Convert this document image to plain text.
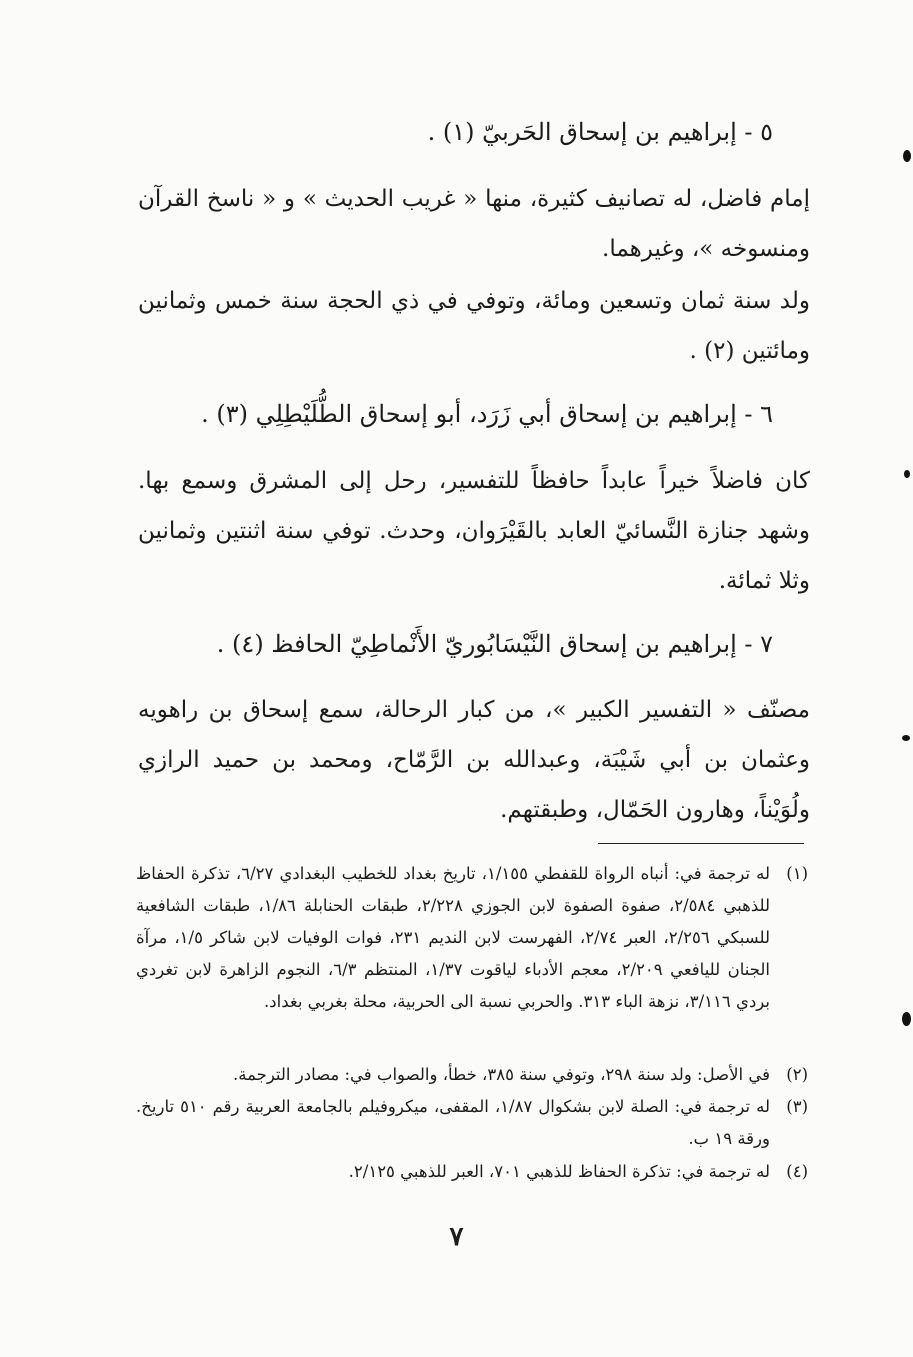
٥ - إبراهيم بن إسحاق الحَربيّ (١) .
إمام فاضل، له تصانيف كثيرة، منها « غريب الحديث » و « ناسخ القرآن ومنسوخه »، وغيرهما.
ولد سنة ثمان وتسعين ومائة، وتوفي في ذي الحجة سنة خمس وثمانين ومائتين (٢) .
٦ - إبراهيم بن إسحاق أبي زَرَد، أبو إسحاق الطُّلَيْطِلِي (٣) .
كان فاضلاً خيراً عابداً حافظاً للتفسير، رحل إلى المشرق وسمع بها. وشهد جنازة النَّسائيّ العابد بالقَيْرَوان، وحدث. توفي سنة اثنتين وثمانين وثلا ثمائة.
٧ - إبراهيم بن إسحاق النَّيْسَابُوريّ الأَنْماطِيّ الحافظ (٤) .
مصنّف « التفسير الكبير »، من كبار الرحالة، سمع إسحاق بن راهويه وعثمان بن أبي شَيْبَة، وعبدالله بن الرَّمّاح، ومحمد بن حميد الرازي ولُوَيْناً، وهارون الحَمّال، وطبقتهم.
(١)
له ترجمة في: أنباه الرواة للقفطي ١/١٥٥، تاريخ بغداد للخطيب البغدادي ٦/٢٧، تذكرة الحفاظ للذهبي ٢/٥٨٤، صفوة الصفوة لابن الجوزي ٢/٢٢٨، طبقات الحنابلة ١/٨٦، طبقات الشافعية للسبكي ٢/٢٥٦، العبر ٢/٧٤، الفهرست لابن النديم ٢٣١، فوات الوفيات لابن شاكر ١/٥، مرآة الجنان لليافعي ٢/٢٠٩، معجم الأدباء لياقوت ١/٣٧، المنتظم ٦/٣، النجوم الزاهرة لابن تغردي بردي ٣/١١٦، نزهة الباء ٣١٣. والحربي نسبة الى الحربية، محلة بغربي بغداد.
(٢)
في الأصل: ولد سنة ٢٩٨، وتوفي سنة ٣٨٥، خطأ، والصواب في: مصادر الترجمة.
(٣)
له ترجمة في: الصلة لابن بشكوال ١/٨٧، المقفى، ميكروفيلم بالجامعة العربية رقم ٥١٠ تاريخ. ورقة ١٩ ب.
(٤)
له ترجمة في: تذكرة الحفاظ للذهبي ٧٠١، العبر للذهبي ٢/١٢٥.
٧
